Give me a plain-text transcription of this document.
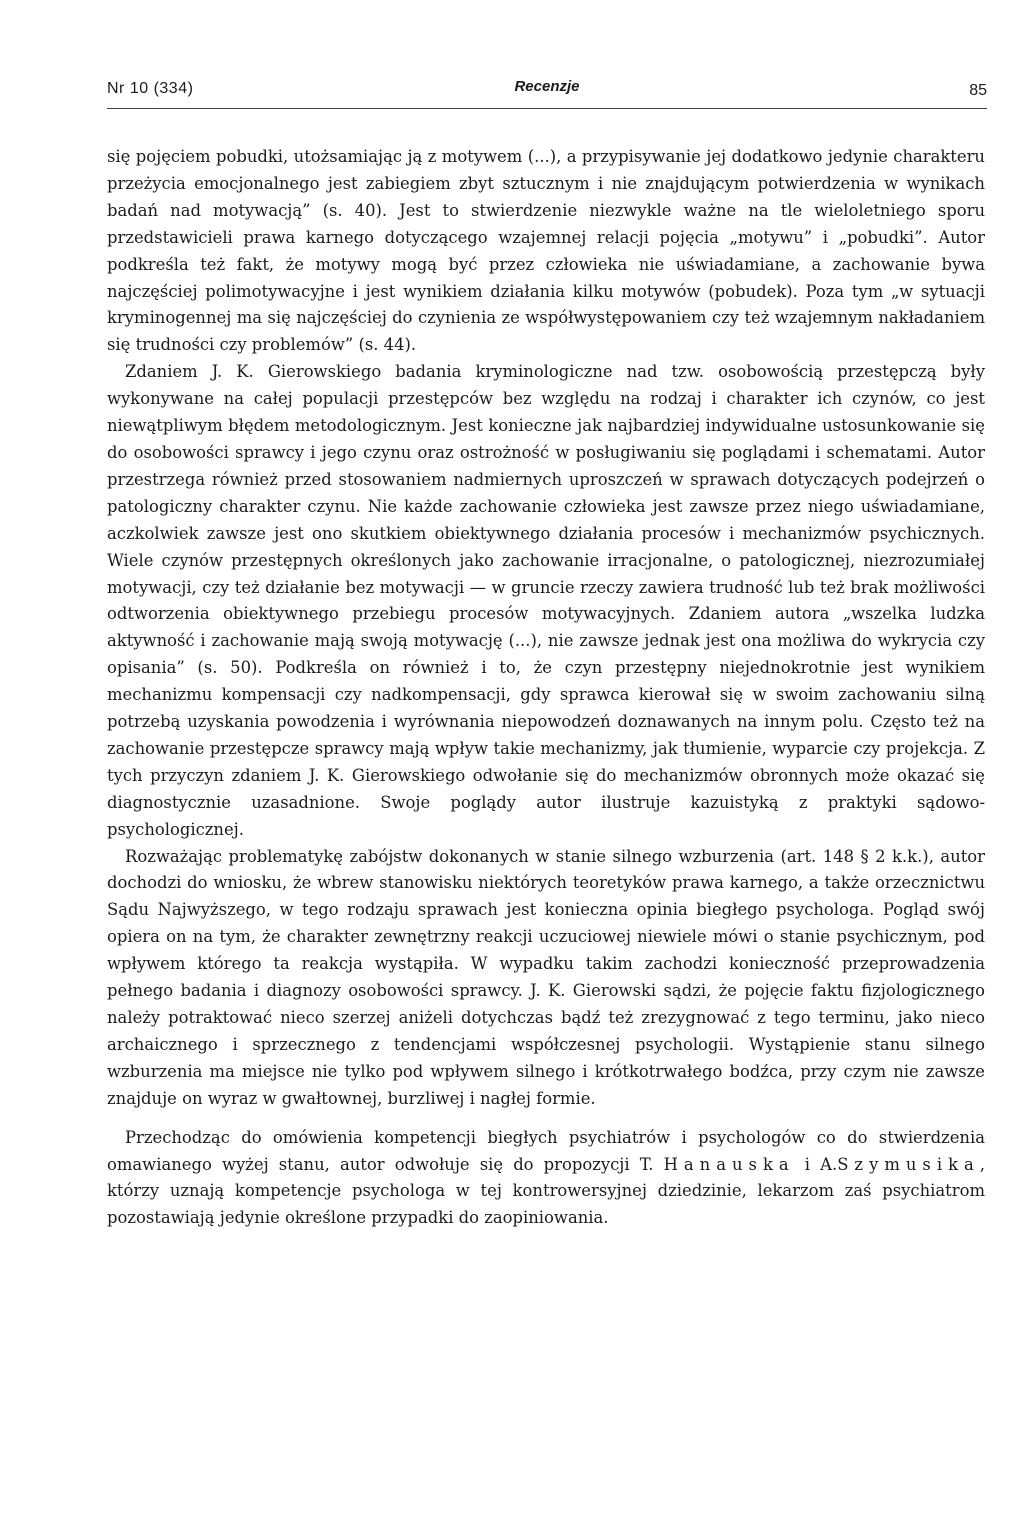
Nr 10 (334)	Recenzje	85

się pojęciem pobudki, utożsamiając ją z motywem (...), a przypisywanie jej dodatkowo jedynie charakteru przeżycia emocjonalnego jest zabiegiem zbyt sztucznym i nie znajdującym potwierdzenia w wynikach badań nad motywacją” (s. 40). Jest to stwierdzenie niezwykle ważne na tle wieloletniego sporu przedstawicieli prawa karnego dotyczącego wzajemnej relacji pojęcia „motywu” i „pobudki”. Autor podkreśla też fakt, że motywy mogą być przez człowieka nie uświadamiane, a zachowanie bywa najczęściej polimotywacyjne i jest wynikiem działania kilku motywów (pobudek). Poza tym „w sytuacji kryminogennej ma się najczęściej do czynienia ze współwystępowaniem czy też wzajemnym nakładaniem się trudności czy problemów” (s. 44).

Zdaniem J. K. Gierowskiego badania kryminologiczne nad tzw. osobowością przestępczą były wykonywane na całej populacji przestępców bez względu na rodzaj i charakter ich czynów, co jest niewątpliwym błędem metodologicznym. Jest konieczne jak najbardziej indywidualne ustosunkowanie się do osobowości sprawcy i jego czynu oraz ostrożność w posługiwaniu się poglądami i schematami. Autor przestrzega również przed stosowaniem nadmiernych uproszczeń w sprawach dotyczących podejrzeń o patologiczny charakter czynu. Nie każde zachowanie człowieka jest zawsze przez niego uświadamiane, aczkolwiek zawsze jest ono skutkiem obiektywnego działania procesów i mechanizmów psychicznych. Wiele czynów przestępnych określonych jako zachowanie irracjonalne, o patologicznej, niezrozumiałej motywacji, czy też działanie bez motywacji — w gruncie rzeczy zawiera trudność lub też brak możliwości odtworzenia obiektywnego przebiegu procesów motywacyjnych. Zdaniem autora „wszelka ludzka aktywność i zachowanie mają swoją motywację (...), nie zawsze jednak jest ona możliwa do wykrycia czy opisania” (s. 50). Podkreśla on również i to, że czyn przestępny niejednokrotnie jest wynikiem mechanizmu kompensacji czy nadkompensacji, gdy sprawca kierował się w swoim zachowaniu silną potrzebą uzyskania powodzenia i wyrównania niepowodzeń doznawanych na innym polu. Często też na zachowanie przestępcze sprawcy mają wpływ takie mechanizmy, jak tłumienie, wyparcie czy projekcja. Z tych przyczyn zdaniem J. K. Gierowskiego odwołanie się do mechanizmów obronnych może okazać się diagnostycznie uzasadnione. Swoje poglądy autor ilustruje kazuistyką z praktyki sądowo-psychologicznej.

Rozważając problematykę zabójstw dokonanych w stanie silnego wzburzenia (art. 148 § 2 k.k.), autor dochodzi do wniosku, że wbrew stanowisku niektórych teoretyków prawa karnego, a także orzecznictwu Sądu Najwyższego, w tego rodzaju sprawach jest konieczna opinia biegłego psychologa. Pogląd swój opiera on na tym, że charakter zewnętrzny reakcji uczuciowej niewiele mówi o stanie psychicznym, pod wpływem którego ta reakcja wystąpiła. W wypadku takim zachodzi konieczność przeprowadzenia pełnego badania i diagnozy osobowości sprawcy. J. K. Gierowski sądzi, że pojęcie faktu fizjologicznego należy potraktować nieco szerzej aniżeli dotychczas bądź też zrezygnować z tego terminu, jako nieco archaicznego i sprzecznego z tendencjami współczesnej psychologii. Wystąpienie stanu silnego wzburzenia ma miejsce nie tylko pod wpływem silnego i krótkotrwałego bodźca, przy czym nie zawsze znajduje on wyraz w gwałtownej, burzliwej i nagłej formie.

Przechodząc do omówienia kompetencji biegłych psychiatrów i psychologów co do stwierdzenia omawianego wyżej stanu, autor odwołuje się do propozycji T. Hanauska i A.Szymusika, którzy uznają kompetencje psychologa w tej kontrowersyjnej dziedzinie, lekarzom zaś psychiatrom pozostawiają jedynie określone przypadki do zaopiniowania.
